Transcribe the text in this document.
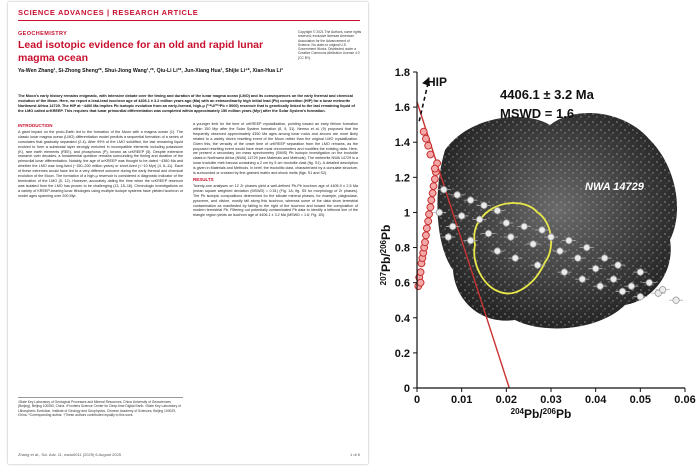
SCIENCE ADVANCES | RESEARCH ARTICLE
GEOCHEMISTRY
Lead isotopic evidence for an old and rapid lunar magma ocean
Ya-Wen Zhang¹, Si-Zhong Sheng²*, Shui-Jiong Wang¹,²*, Qiu-Li Li³*, Jun-Xiang Hua¹, Shijie Li⁴*, Xian-Hua Li³
Copyright © 2021 The Authors, some rights reserved; exclusive licensee American Association for the Advancement of Science. No claim to original U.S. Government Works. Distributed under a Creative Commons Attribution License 4.0 (CC BY).
The Moon's early history remains enigmatic, with intensive debate over the timing and duration of the lunar magma ocean (LMO) and its consequences on the early thermal and chemical evolution of the Moon. Here, we report a lead-lead isochron age of 4406.1 ± 3.2 million years ago (Ma) with an extraordinarily high initial lead (Pb) composition (HIP) for a lunar meteorite Northwest Africa 14729. The HIP at ~4406 Ma implies Pb isotopic evolution from an early-formed, high-µ (²³⁸U/²⁰⁴Pb > 5000) reservoir that is genetically linked to the last remaining liquid of the LMO called urKREEP. This requires that lunar primordial differentiation was completed within approximately 150 million years (Myr) after the Solar System's formation.
INTRODUCTION
A giant impact on the proto-Earth led to the formation of the Moon with a magma ocean (1). The classic lunar magma ocean (LMO) differentiation model predicts a sequential formation of a series of cumulates that gradually separated (2-4). After 99% of the LMO solidified, the last remaining liquid evolved to form a substratal layer strongly enriched in incompatible elements including potassium (K), rare earth elements (REE), and phosphorus (P), known as urKREEP (5). Despite extensive research over decades, a fundamental question remains surrounding the timing and duration of the primordial lunar differentiation. Notably, the age of urKREEP was thought to be dated ~4360 Ma and whether the LMO was long-lived (~150–200 million years) or short-lived (<~10 Myr) (4, 6–11). Each of these extremes would have led to a very different outcome during the early thermal and chemical evolution of the Moon. The formation of a high-µ reservoir is considered a diagnostic indicator of the termination of the LMO (5, 12). However, accurately dating the time when the urKREEP reservoir was isolated from the LMO has proven to be challenging (13, 15–16). Chronologic investigations on a variety of KREEP-bearing lunar lithologies using multiple isotope systems have yielded isochron or model ages spanning over 200 Myr.
a younger limit for the time of urKREEP crystallization, pointing toward an early lithium formation within 150 Myr after the Solar System formation (6, 9, 31). Nemsu et al. (9) proposed that the frequently observed approximately 4350 Ma ages among lunar rocks and zircons are more likely related to a widely driven resetting event of the Moon rather than the original LMO crystallization. Given this, the veracity of the onset time of urKREEP separation from the LMO remains, as the proposed resetting event would have reset most chronometers and modifies the existing data. Here, we present a secondary ion mass spectrometry (SIMS) Pb isotopic investigation on the troctolite clasts in Northwest Africa (NWA) 14729 (see Materials and Methods). The meteorite NWA 14729 is a lunar troctolite melt breccia containing a 2 cm by 5 cm troctolite clast (fig. S1). A detailed description is given in Materials and Methods. In brief, the troctolitic clast, characterized by a cumulate structure, is surrounded or crossed by fine-grained matrix and shock melts (figs. S1 and S2).
RESULTS
Twenty-one analyses on 12 Zr phases yield a well-defined Pb-Pb isochron age of 4405.9 ± 2.5 Ma (mean square weighted deviation (MSWD) = 0.51) (Fig. 1A; fig. S5 for morphology of Zr phases). The Pb isotopic compositions determined for the silicate mineral phases, for example, plagioclase, pyroxene, and olivine, mostly fall along this isochron, whereas some of the data show terrestrial contamination as manifested by falling to the right of the isochron and toward the composition of modern terrestrial Pb. Filtering out potentially contaminated Pb data to identify a leftmost line of the triangle region yields an isochron age of 4406.1 ± 3.2 Ma (MSWD = 1.6; Fig. 1B).
¹State Key Laboratory of Geological Processes and Mineral Resources, China University of Geosciences (Beijing), Beijing 100083, China. ²Frontiers Science Center for Deep-time Digital Earth. ³State Key Laboratory of Lithospheric Evolution, Institute of Geology and Geophysics, Chinese Academy of Sciences, Beijing 100029, China. *Corresponding author. †These authors contributed equally to this work.
Zhang et al., Sci. Adv. 11, eadu0011 (2025) 6 August 2025	1 of 6
0	0.01 0.02 0.03 0.04 0.05 0.06
0
0.2
0.4
0.6
0.8
1
1.2
1.4
1.6
1.8
4406.1 ± 3.2 Ma
MSWD = 1.6
HIP
NWA 14729
$^{207}$Pb/$^{206}$Pb
$^{204}$Pb/$^{206}$Pb
